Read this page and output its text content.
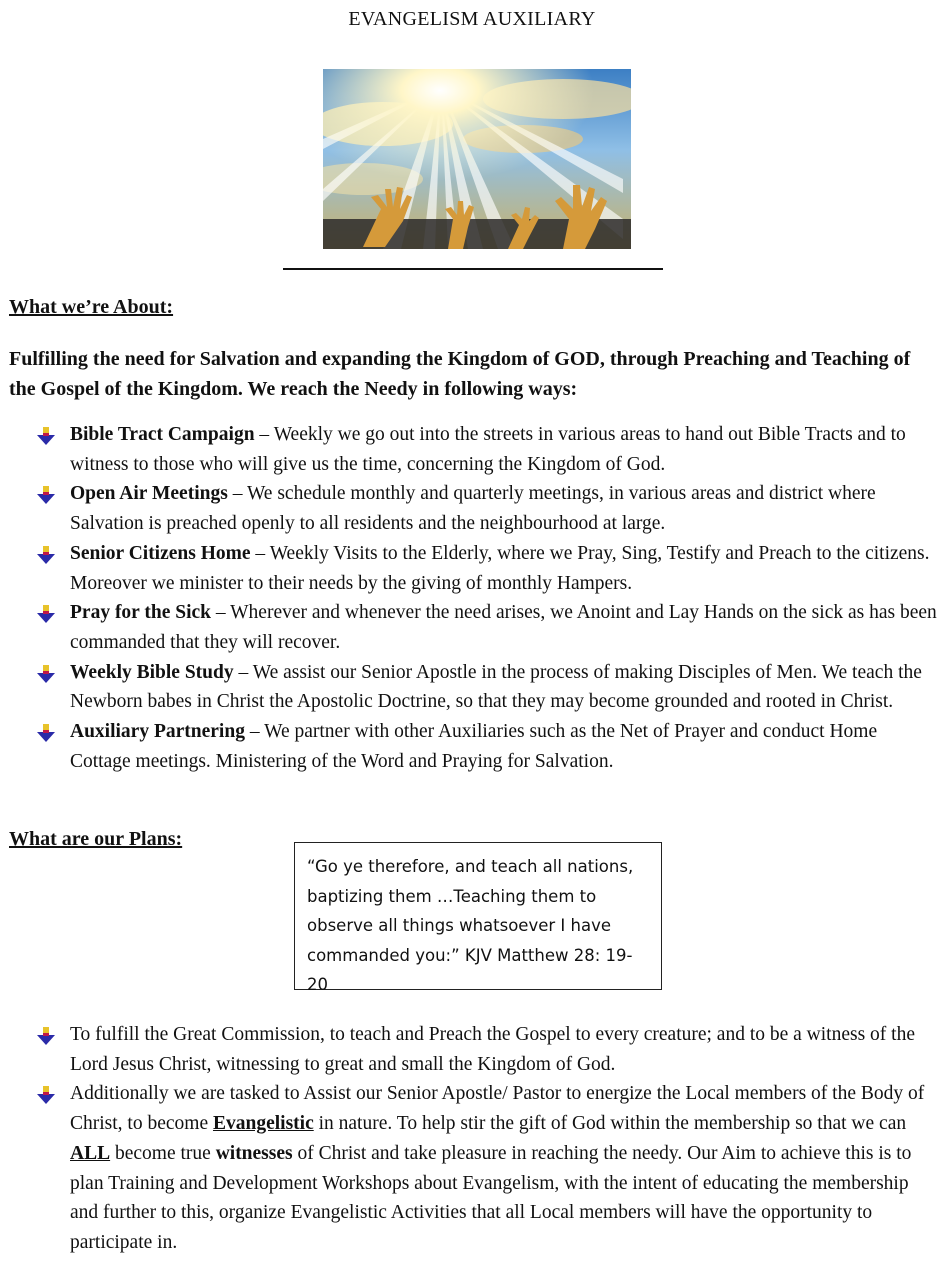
EVANGELISM AUXILIARY
What we’re About:
Fulfilling the need for Salvation and expanding the Kingdom of GOD, through Preaching and Teaching of the Gospel of the Kingdom. We reach the Needy in following ways:
Bible Tract Campaign – Weekly we go out into the streets in various areas to hand out Bible Tracts and to witness to those who will give us the time, concerning the Kingdom of God.
Open Air Meetings – We schedule monthly and quarterly meetings, in various areas and district where Salvation is preached openly to all residents and the neighbourhood at large.
Senior Citizens Home – Weekly Visits to the Elderly, where we Pray, Sing, Testify and Preach to the citizens. Moreover we minister to their needs by the giving of monthly Hampers.
Pray for the Sick – Wherever and whenever the need arises, we Anoint and Lay Hands on the sick as has been commanded that they will recover.
Weekly Bible Study – We assist our Senior Apostle in the process of making Disciples of Men. We teach the Newborn babes in Christ the Apostolic Doctrine, so that they may become grounded and rooted in Christ.
Auxiliary Partnering – We partner with other Auxiliaries such as the Net of Prayer and conduct Home Cottage meetings. Ministering of the Word and Praying for Salvation.
What are our Plans:
“Go ye therefore, and teach all nations, baptizing them …Teaching them to observe all things whatsoever I have commanded you:” KJV Matthew 28: 19-20
To fulfill the Great Commission, to teach and Preach the Gospel to every creature; and to be a witness of the Lord Jesus Christ, witnessing to great and small the Kingdom of God.
Additionally we are tasked to Assist our Senior Apostle/ Pastor to energize the Local members of the Body of Christ, to become Evangelistic in nature. To help stir the gift of God within the membership so that we can ALL become true witnesses of Christ and take pleasure in reaching the needy. Our Aim to achieve this is to plan Training and Development Workshops about Evangelism, with the intent of educating the membership and further to this, organize Evangelistic Activities that all Local members will have the opportunity to participate in.
